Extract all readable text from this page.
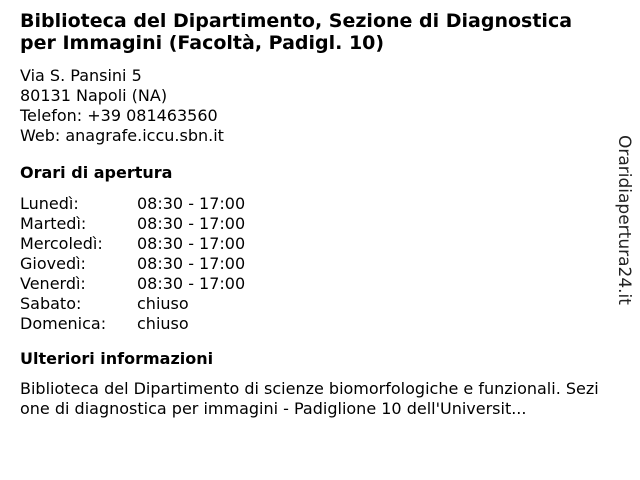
Biblioteca del Dipartimento, Sezione di Diagnostica per Immagini (Facoltà, Padigl. 10)
Via S. Pansini 5
80131 Napoli (NA)
Telefon: +39 081463560
Web: anagrafe.iccu.sbn.it
Orari di apertura
Lunedì:	08:30 - 17:00
Martedì:	08:30 - 17:00
Mercoledì:	08:30 - 17:00
Giovedì:	08:30 - 17:00
Venerdì:	08:30 - 17:00
Sabato:	chiuso
Domenica:	chiuso
Ulteriori informazioni
Biblioteca del Dipartimento di scienze biomorfologiche e funzionali. Sezione di diagnostica per immagini - Padiglione 10 dell'Universit...
Oraridiapertura24.it
